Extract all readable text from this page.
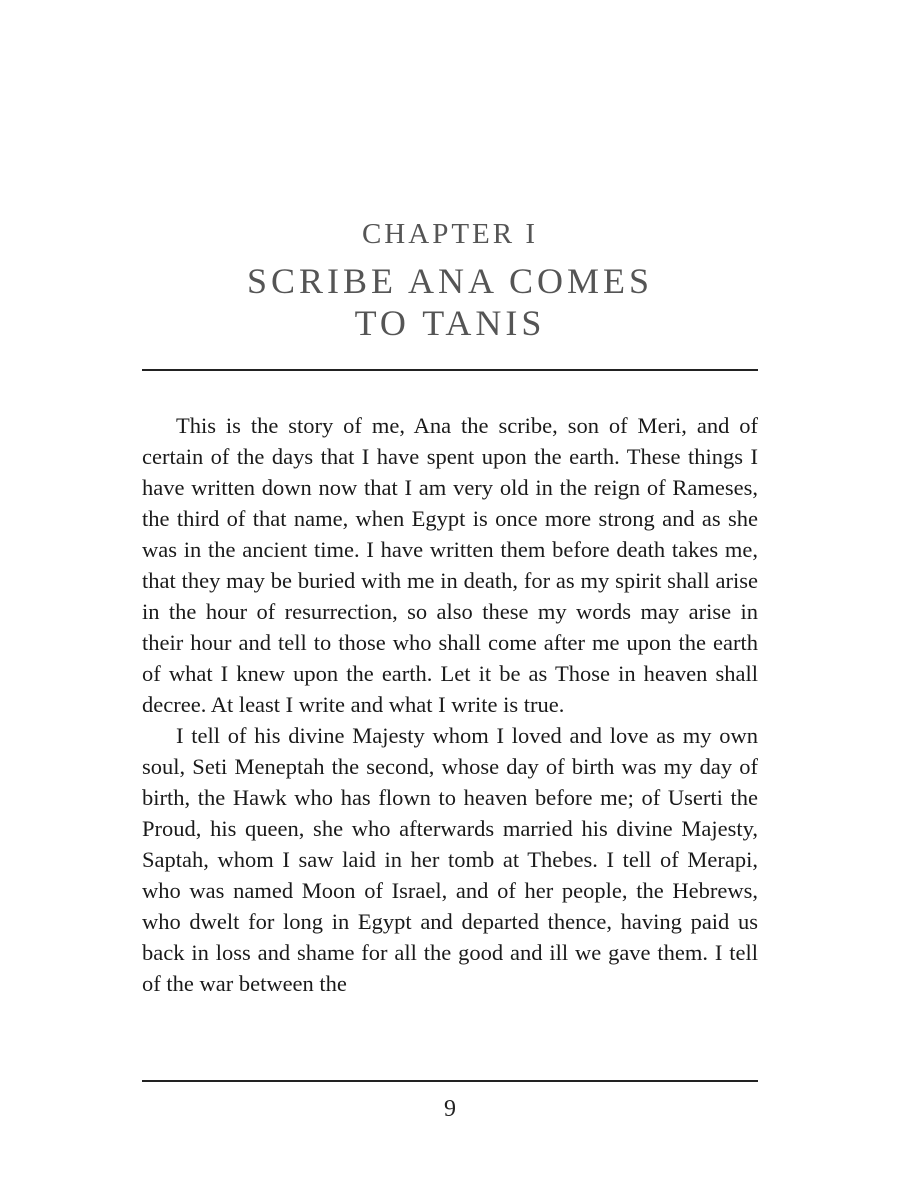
CHAPTER I
SCRIBE ANA COMES
TO TANIS

This is the story of me, Ana the scribe, son of Meri, and of certain of the days that I have spent upon the earth. These things I have written down now that I am very old in the reign of Rameses, the third of that name, when Egypt is once more strong and as she was in the ancient time. I have written them before death takes me, that they may be buried with me in death, for as my spirit shall arise in the hour of resurrection, so also these my words may arise in their hour and tell to those who shall come after me upon the earth of what I knew upon the earth. Let it be as Those in heaven shall decree. At least I write and what I write is true.

I tell of his divine Majesty whom I loved and love as my own soul, Seti Meneptah the second, whose day of birth was my day of birth, the Hawk who has flown to heaven before me; of Userti the Proud, his queen, she who afterwards married his divine Majesty, Saptah, whom I saw laid in her tomb at Thebes. I tell of Merapi, who was named Moon of Israel, and of her people, the Hebrews, who dwelt for long in Egypt and departed thence, having paid us back in loss and shame for all the good and ill we gave them. I tell of the war between the

9
